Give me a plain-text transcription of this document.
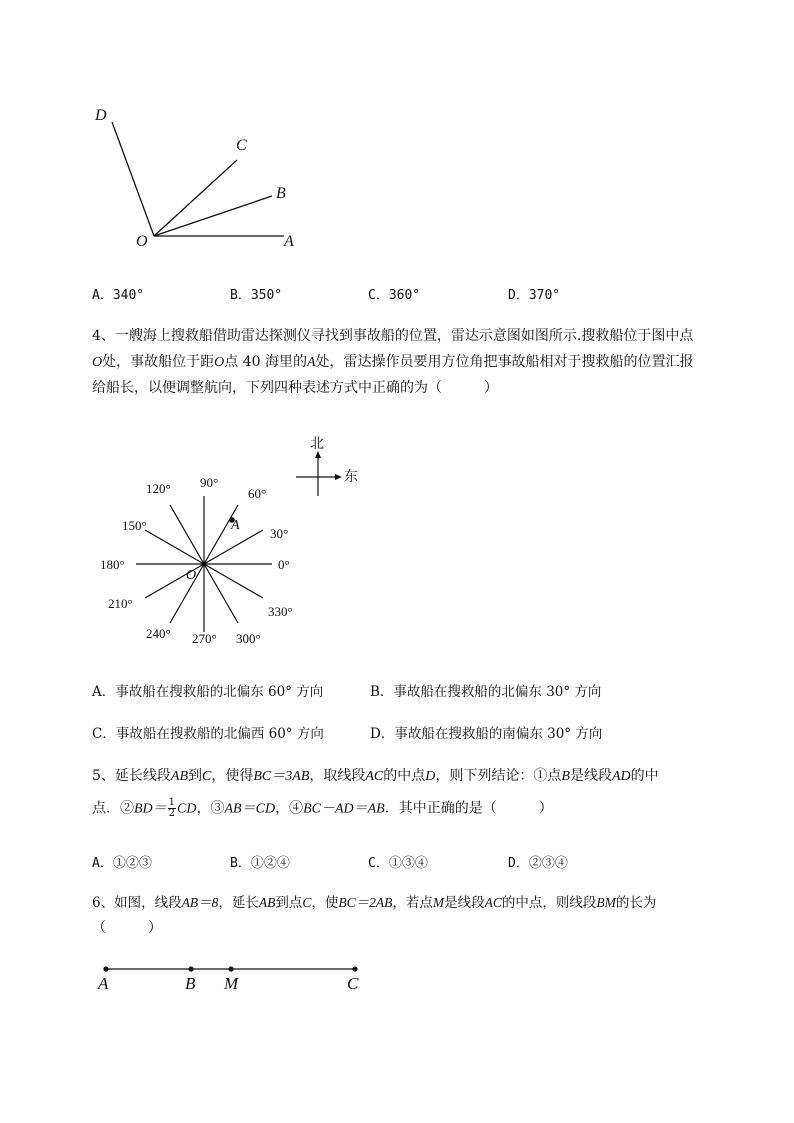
D
C
B
O	A
A．340°	B．350°	C．360°	D．370°
4、一艘海上搜救船借助雷达探测仪寻找到事故船的位置，雷达示意图如图所示.搜救船位于图中点
O处，事故船位于距O点 40 海里的A处，雷达操作员要用方位角把事故船相对于搜救船的位置汇报
给船长，以便调整航向，下列四种表述方式中正确的为（　　　）
120° 90°
60°
150°
30°
180°	0°
210°
330°
240° 270° 300°
A
O
北
东
A．事故船在搜救船的北偏东 60° 方向	B．事故船在搜救船的北偏东 30° 方向
C．事故船在搜救船的北偏西 60° 方向	D．事故船在搜救船的南偏东 30° 方向
5、延长线段AB到C，使得BC＝3AB，取线段AC的中点D，则下列结论：①点B是线段AD的中
点．②BD＝ $\frac{1}{2}$ CD，③AB＝CD，④BC－AD＝AB．其中正确的是（　　　）
A．①②③	B．①②④	C．①③④	D．②③④
6、如图，线段AB＝8，延长AB到点C，使BC＝2AB，若点M是线段AC的中点，则线段BM的长为
（　　　）
A	B M	C
